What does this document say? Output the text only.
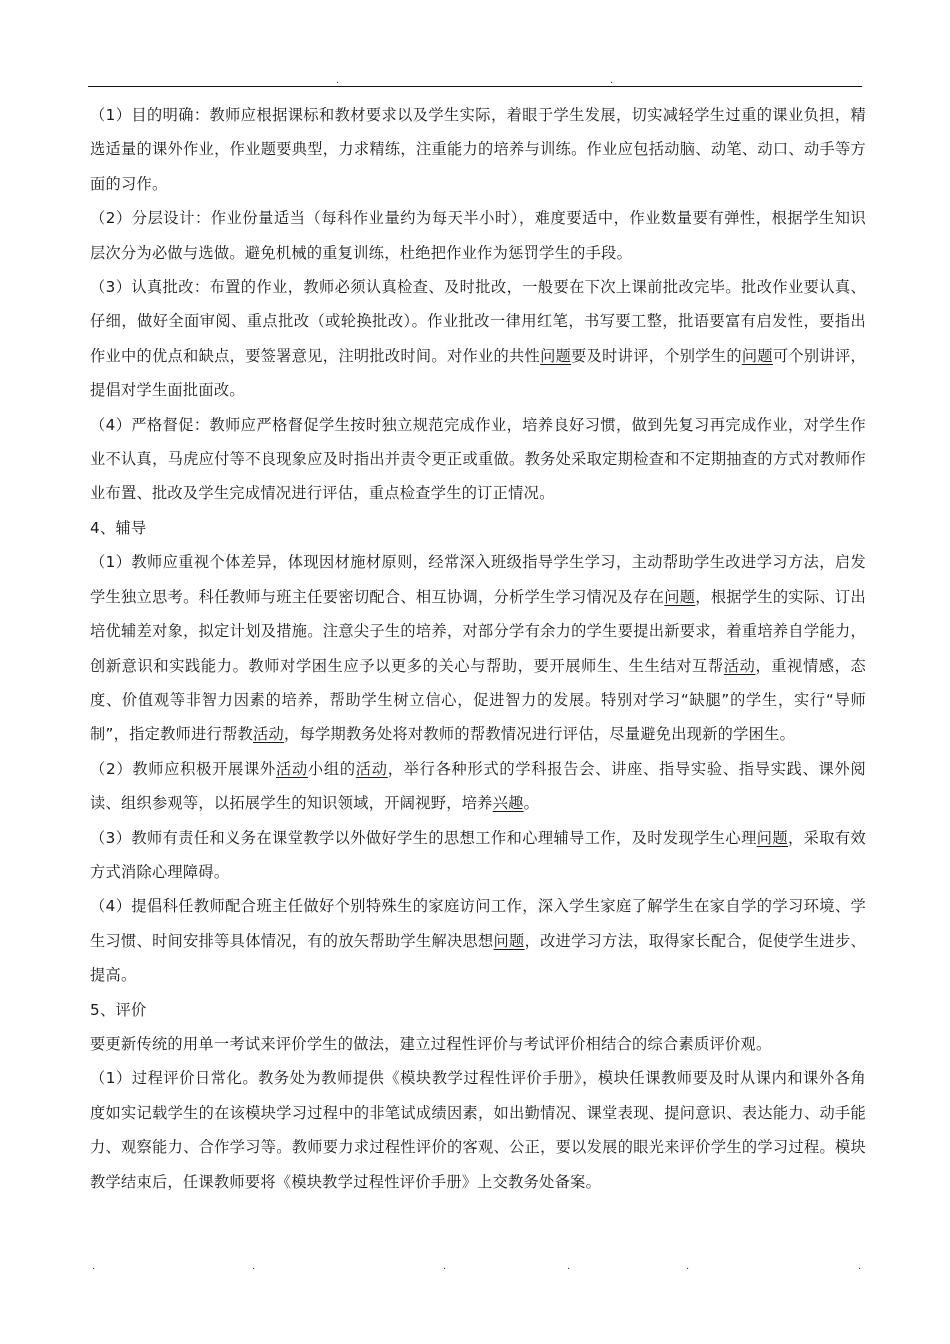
.	.

（1）目的明确：教师应根据课标和教材要求以及学生实际，着眼于学生发展，切实减轻学生过重的课业负担，精选适量的课外作业，作业题要典型，力求精练，注重能力的培养与训练。作业应包括动脑、动笔、动口、动手等方面的习作。

（2）分层设计：作业份量适当（每科作业量约为每天半小时），难度要适中，作业数量要有弹性，根据学生知识层次分为必做与选做。避免机械的重复训练，杜绝把作业作为惩罚学生的手段。

（3）认真批改：布置的作业，教师必须认真检查、及时批改，一般要在下次上课前批改完毕。批改作业要认真、仔细，做好全面审阅、重点批改（或轮换批改）。作业批改一律用红笔，书写要工整，批语要富有启发性，要指出作业中的优点和缺点，要签署意见，注明批改时间。对作业的共性问题要及时讲评，个别学生的问题可个别讲评，提倡对学生面批面改。

（4）严格督促：教师应严格督促学生按时独立规范完成作业，培养良好习惯，做到先复习再完成作业，对学生作业不认真，马虎应付等不良现象应及时指出并责令更正或重做。教务处采取定期检查和不定期抽查的方式对教师作业布置、批改及学生完成情况进行评估，重点检查学生的订正情况。

4、辅导

（1）教师应重视个体差异，体现因材施材原则，经常深入班级指导学生学习，主动帮助学生改进学习方法，启发学生独立思考。科任教师与班主任要密切配合、相互协调，分析学生学习情况及存在问题，根据学生的实际、订出培优辅差对象，拟定计划及措施。注意尖子生的培养，对部分学有余力的学生要提出新要求，着重培养自学能力，创新意识和实践能力。教师对学困生应予以更多的关心与帮助，要开展师生、生生结对互帮活动，重视情感，态度、价值观等非智力因素的培养，帮助学生树立信心，促进智力的发展。特别对学习“缺腿”的学生，实行“导师制”，指定教师进行帮教活动，每学期教务处将对教师的帮教情况进行评估，尽量避免出现新的学困生。

（2）教师应积极开展课外活动小组的活动，举行各种形式的学科报告会、讲座、指导实验、指导实践、课外阅读、组织参观等，以拓展学生的知识领域，开阔视野，培养兴趣。

（3）教师有责任和义务在课堂教学以外做好学生的思想工作和心理辅导工作，及时发现学生心理问题，采取有效方式消除心理障碍。

（4）提倡科任教师配合班主任做好个别特殊生的家庭访问工作，深入学生家庭了解学生在家自学的学习环境、学生习惯、时间安排等具体情况，有的放矢帮助学生解决思想问题，改进学习方法，取得家长配合，促使学生进步、提高。

5、评价

要更新传统的用单一考试来评价学生的做法，建立过程性评价与考试评价相结合的综合素质评价观。

（1）过程评价日常化。教务处为教师提供《模块教学过程性评价手册》，模块任课教师要及时从课内和课外各角度如实记载学生的在该模块学习过程中的非笔试成绩因素，如出勤情况、课堂表现、提问意识、表达能力、动手能力、观察能力、合作学习等。教师要力求过程性评价的客观、公正，要以发展的眼光来评价学生的学习过程。模块教学结束后，任课教师要将《模块教学过程性评价手册》上交教务处备案。

.	.	.	.	.	.
